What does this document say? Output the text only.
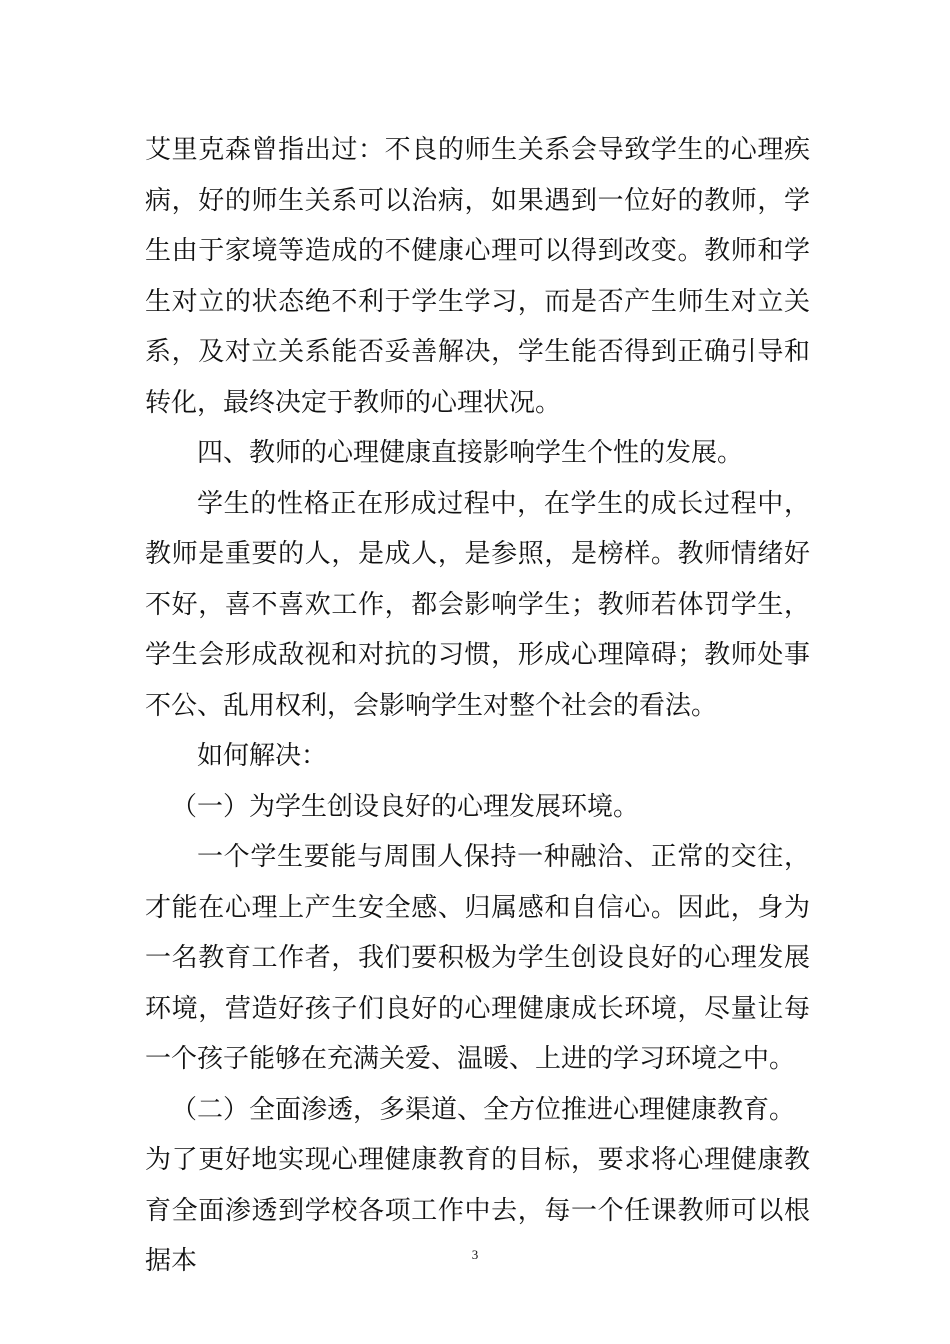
艾里克森曾指出过：不良的师生关系会导致学生的心理疾病，好的师生关系可以治病，如果遇到一位好的教师，学生由于家境等造成的不健康心理可以得到改变。教师和学生对立的状态绝不利于学生学习，而是否产生师生对立关系，及对立关系能否妥善解决，学生能否得到正确引导和转化，最终决定于教师的心理状况。

四、教师的心理健康直接影响学生个性的发展。

学生的性格正在形成过程中，在学生的成长过程中，教师是重要的人，是成人，是参照，是榜样。教师情绪好不好，喜不喜欢工作，都会影响学生；教师若体罚学生，学生会形成敌视和对抗的习惯，形成心理障碍；教师处事不公、乱用权利，会影响学生对整个社会的看法。

如何解决：

（一）为学生创设良好的心理发展环境。

一个学生要能与周围人保持一种融洽、正常的交往，才能在心理上产生安全感、归属感和自信心。因此，身为一名教育工作者，我们要积极为学生创设良好的心理发展环境，营造好孩子们良好的心理健康成长环境，尽量让每一个孩子能够在充满关爱、温暖、上进的学习环境之中。

（二）全面渗透，多渠道、全方位推进心理健康教育。

为了更好地实现心理健康教育的目标，要求将心理健康教育全面渗透到学校各项工作中去，每一个任课教师可以根据本	3
